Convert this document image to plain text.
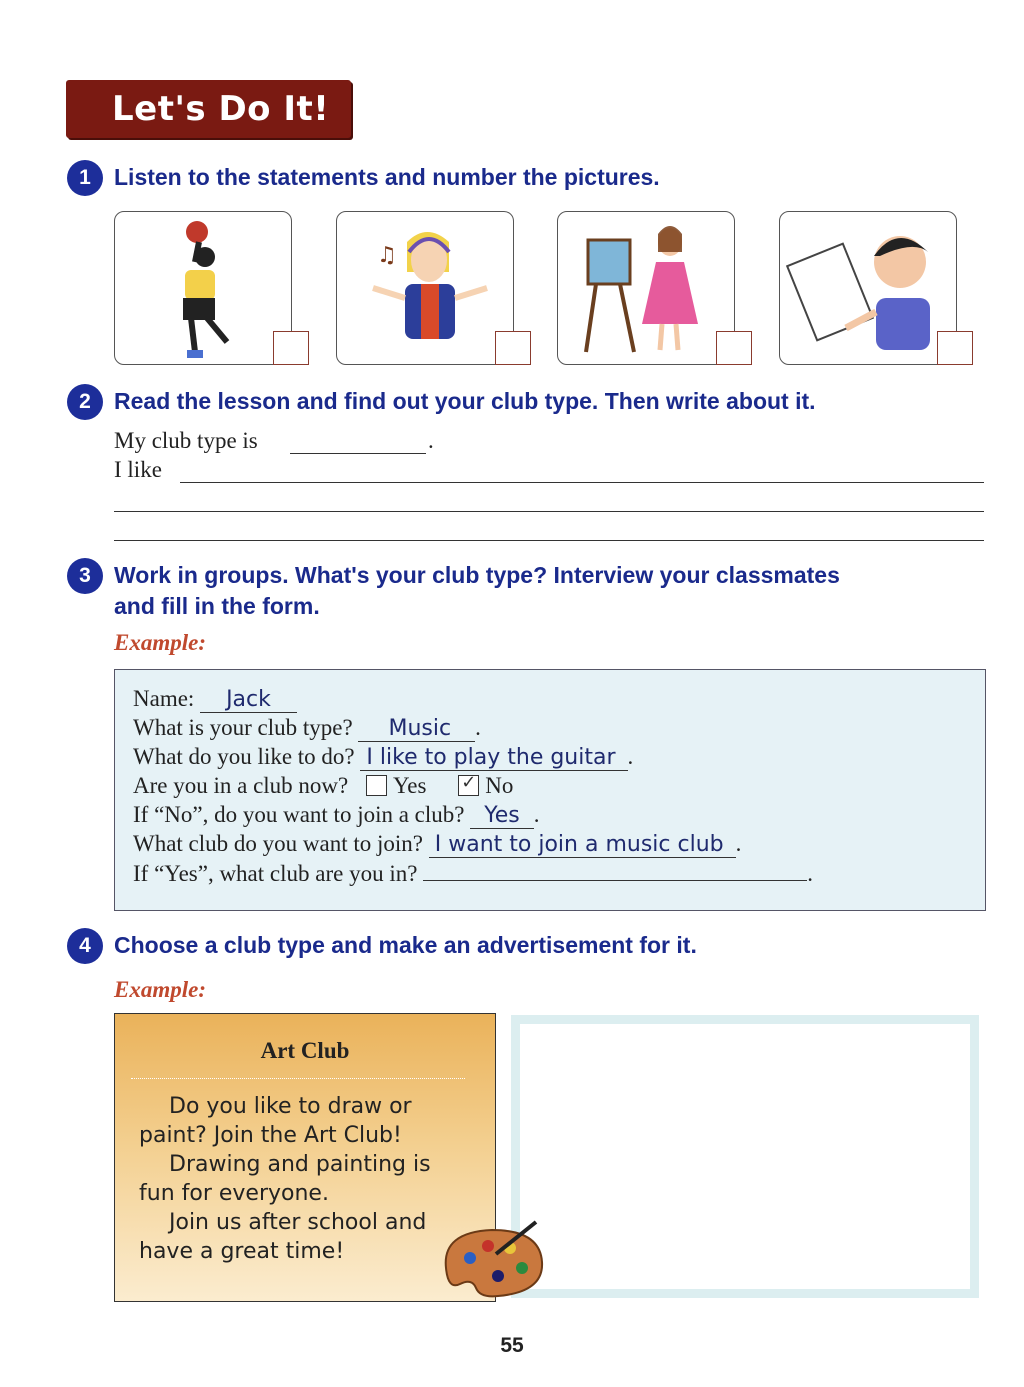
Let's Do It!
1	Listen to the statements and number the pictures.
♫
2	Read the lesson and find out your club type. Then write about it.
My club type is	.
I like
3	Work in groups. What's your club type? Interview your classmates
and fill in the form.
Example:
Name: Jack
What is your club type? Music .
What do you like to do? I like to play the guitar .
Are you in a club now? Yes ✓ No
If “No”, do you want to join a club? Yes .
What club do you want to join? I want to join a music club .
If “Yes”, what club are you in?	.
4	Choose a club type and make an advertisement for it.
Example:
Art Club
Do you like to draw or
paint? Join the Art Club!
Drawing and painting is
fun for everyone.
Join us after school and
have a great time!
55
